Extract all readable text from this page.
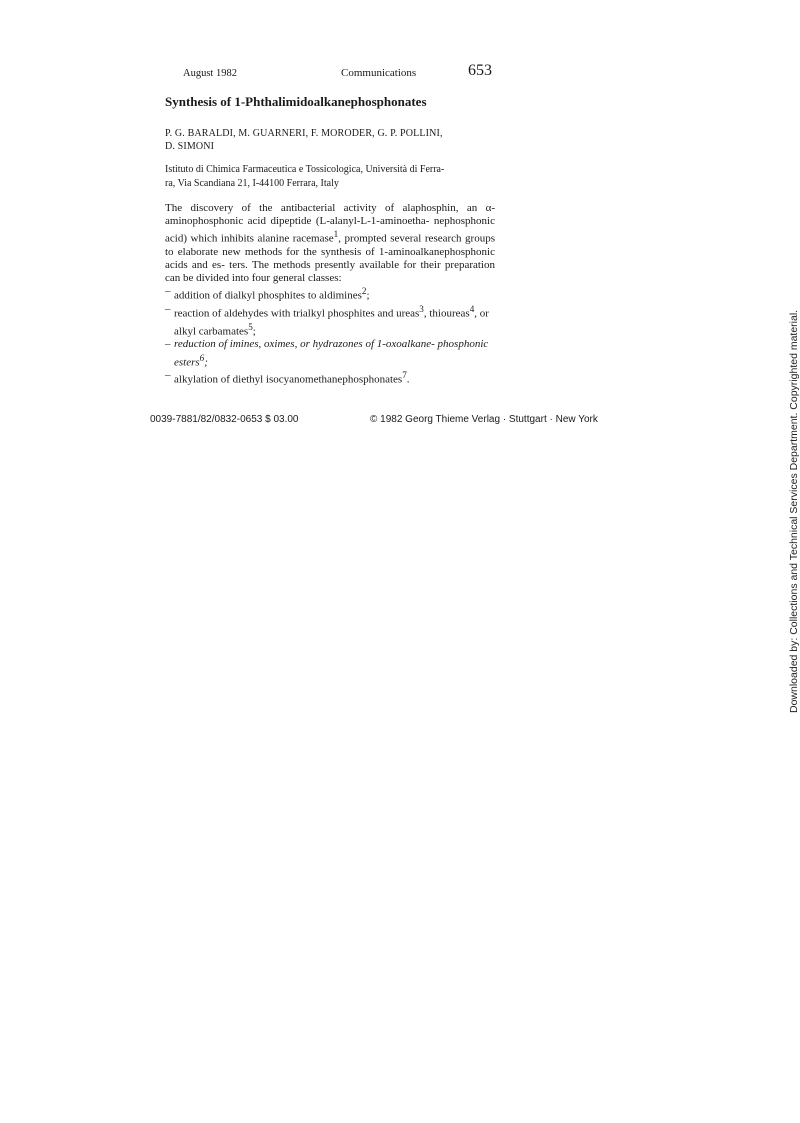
August 1982	Communications	653
Synthesis of 1-Phthalimidoalkanephosphonates
P. G. BARALDI, M. GUARNERI, F. MORODER, G. P. POLLINI,
D. SIMONI
Istituto di Chimica Farmaceutica e Tossicologica, Università di Ferra-
ra, Via Scandiana 21, I-44100 Ferrara, Italy

The discovery of the antibacterial activity of alaphosphin, an α-aminophosphonic acid dipeptide (L-alanyl-L-1-aminoetha- nephosphonic acid) which inhibits alanine racemase$^1$, prompted several research groups to elaborate new methods for the synthesis of 1-aminoalkanephosphonic acids and es- ters. The methods presently available for their preparation can be divided into four general classes:

– addition of dialkyl phosphites to aldimines$^2$;
– reaction of aldehydes with trialkyl phosphites and ureas$^3$, thioureas$^4$, or alkyl carbamates$^5$;
– reduction of imines, oximes, or hydrazones of 1-oxoalkane- phosphonic esters$^6$;
– alkylation of diethyl isocyanomethanephosphonates$^7$.
0039-7881/82/0832-0653 $ 03.00	© 1982 Georg Thieme Verlag · Stuttgart · New York	Downloaded by: Collections and Technical Services Department. Copyrighted material.
